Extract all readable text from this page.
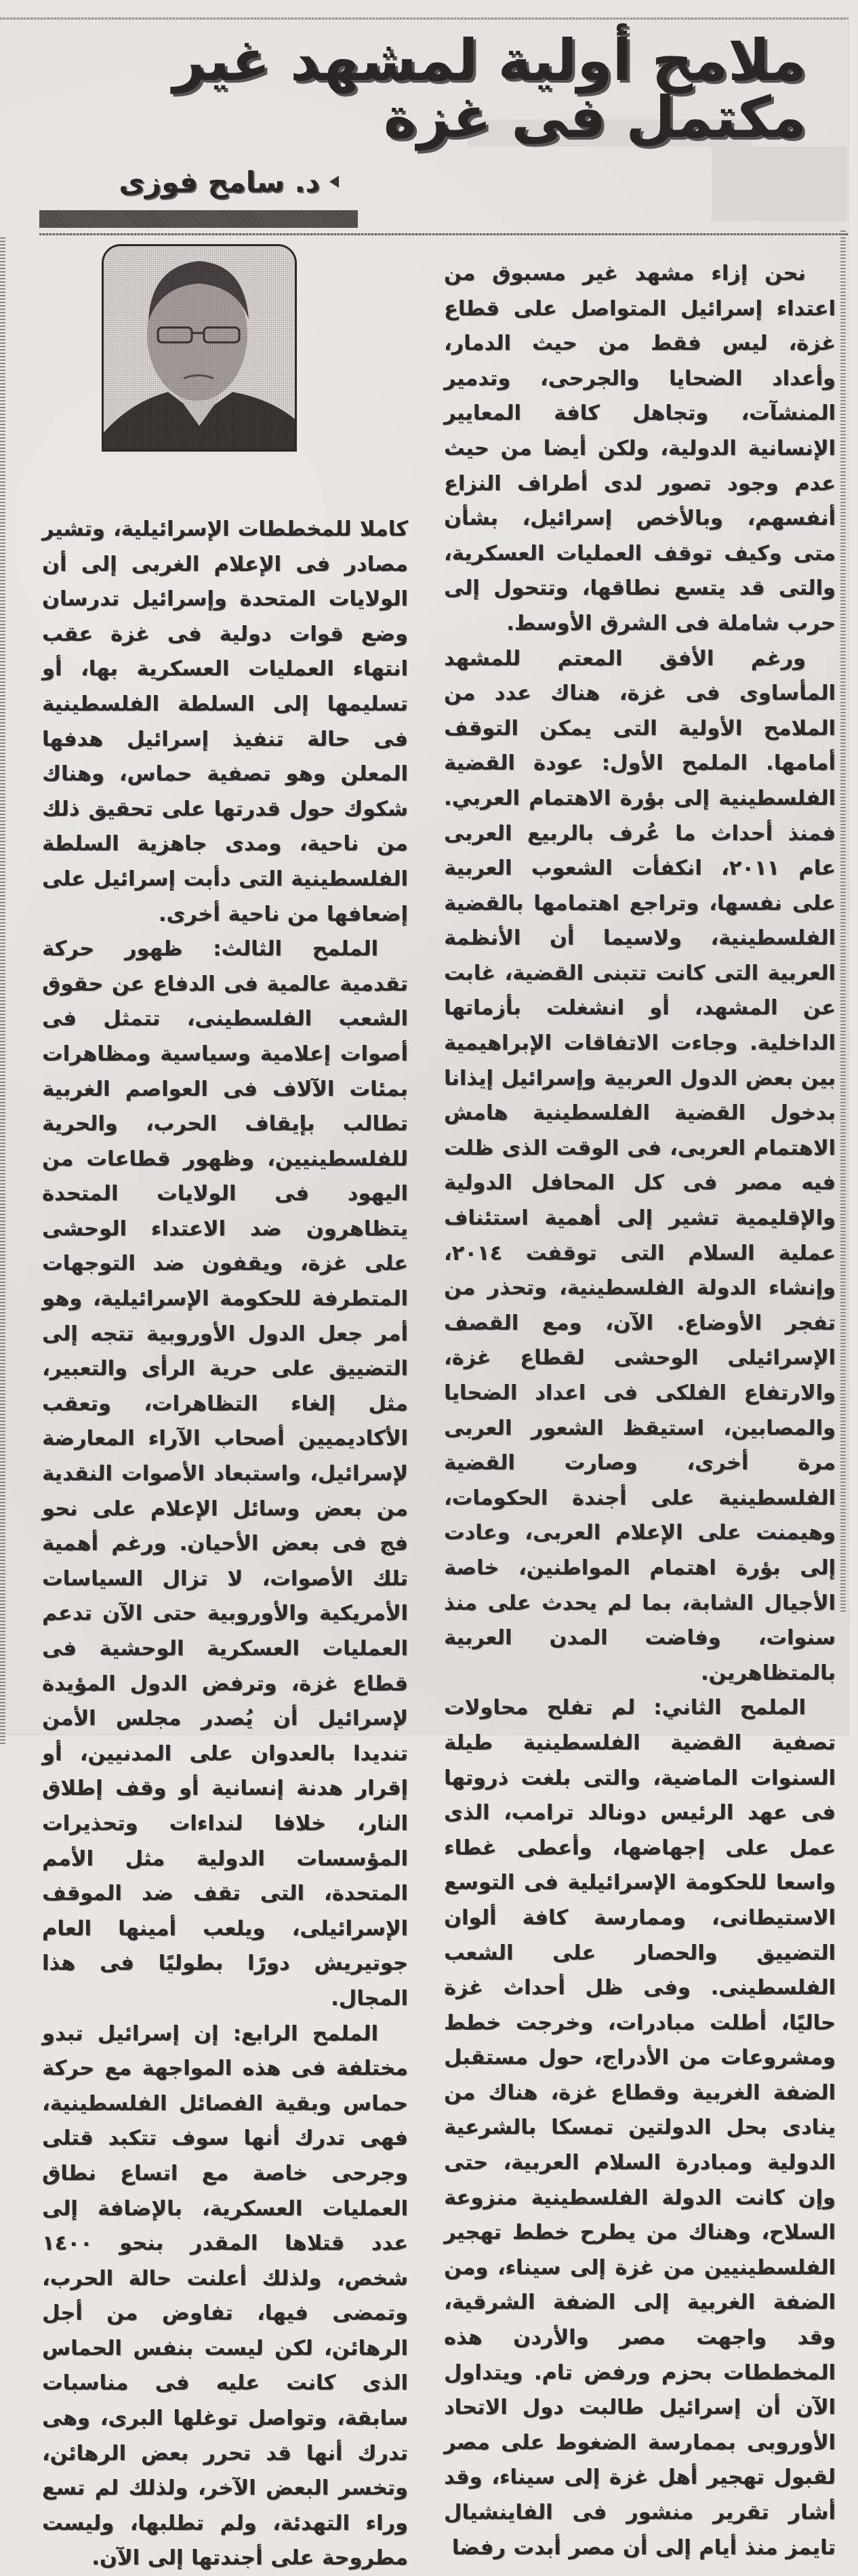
ملامح أولية لمشهد غير مكتمل فى غزة
د. سامح فوزى

نحن إزاء مشهد غير مسبوق من اعتداء إسرائيل المتواصل على قطاع غزة، ليس فقط من حيث الدمار، وأعداد الضحايا والجرحى، وتدمير المنشآت، وتجاهل كافة المعايير الإنسانية الدولية، ولكن أيضا من حيث عدم وجود تصور لدى أطراف النزاع أنفسهم، وبالأخص إسرائيل، بشأن متى وكيف توقف العمليات العسكرية، والتى قد يتسع نطاقها، وتتحول إلى حرب شاملة فى الشرق الأوسط.

ورغم الأفق المعتم للمشهد المأساوى فى غزة، هناك عدد من الملامح الأولية التى يمكن التوقف أمامها. الملمح الأول: عودة القضية الفلسطينية إلى بؤرة الاهتمام العربي. فمنذ أحداث ما عُرف بالربيع العربى عام ٢٠١١، انكفأت الشعوب العربية على نفسها، وتراجع اهتمامها بالقضية الفلسطينية، ولاسيما أن الأنظمة العربية التى كانت تتبنى القضية، غابت عن المشهد، أو انشغلت بأزماتها الداخلية. وجاءت الاتفاقات الإبراهيمية بين بعض الدول العربية وإسرائيل إيذانا بدخول القضية الفلسطينية هامش الاهتمام العربى، فى الوقت الذى ظلت فيه مصر فى كل المحافل الدولية والإقليمية تشير إلى أهمية استئناف عملية السلام التى توقفت ٢٠١٤، وإنشاء الدولة الفلسطينية، وتحذر من تفجر الأوضاع. الآن، ومع القصف الإسرائيلى الوحشى لقطاع غزة، والارتفاع الفلكى فى اعداد الضحايا والمصابين، استيقظ الشعور العربى مرة أخرى، وصارت القضية الفلسطينية على أجندة الحكومات، وهيمنت على الإعلام العربى، وعادت إلى بؤرة اهتمام المواطنين، خاصة الأجيال الشابة، بما لم يحدث على منذ سنوات، وفاضت المدن العربية بالمتظاهرين.

الملمح الثاني: لم تفلح محاولات تصفية القضية الفلسطينية طيلة السنوات الماضية، والتى بلغت ذروتها فى عهد الرئيس دونالد ترامب، الذى عمل على إجهاضها، وأعطى غطاء واسعا للحكومة الإسرائيلية فى التوسع الاستيطانى، وممارسة كافة ألوان التضييق والحصار على الشعب الفلسطينى. وفى ظل أحداث غزة حاليًا، أطلت مبادرات، وخرجت خطط ومشروعات من الأدراج، حول مستقبل الضفة الغربية وقطاع غزة، هناك من ينادى بحل الدولتين تمسكا بالشرعية الدولية ومبادرة السلام العربية، حتى وإن كانت الدولة الفلسطينية منزوعة السلاح، وهناك من يطرح خطط تهجير الفلسطينيين من غزة إلى سيناء، ومن الضفة الغربية إلى الضفة الشرقية، وقد واجهت مصر والأردن هذه المخططات بحزم ورفض تام. ويتداول الآن أن إسرائيل طالبت دول الاتحاد الأوروبى بممارسة الضغوط على مصر لقبول تهجير أهل غزة إلى سيناء، وقد أشار تقرير منشور فى الفاينشيال تايمز منذ أيام إلى أن مصر أبدت رفضا

كاملا للمخططات الإسرائيلية، وتشير مصادر فى الإعلام الغربى إلى أن الولايات المتحدة وإسرائيل تدرسان وضع قوات دولية فى غزة عقب انتهاء العمليات العسكرية بها، أو تسليمها إلى السلطة الفلسطينية فى حالة تنفيذ إسرائيل هدفها المعلن وهو تصفية حماس، وهناك شكوك حول قدرتها على تحقيق ذلك من ناحية، ومدى جاهزية السلطة الفلسطينية التى دأبت إسرائيل على إضعافها من ناحية أخرى.

الملمح الثالث: ظهور حركة تقدمية عالمية فى الدفاع عن حقوق الشعب الفلسطينى، تتمثل فى أصوات إعلامية وسياسية ومظاهرات بمئات الآلاف فى العواصم الغربية تطالب بإيقاف الحرب، والحرية للفلسطينيين، وظهور قطاعات من اليهود فى الولايات المتحدة يتظاهرون ضد الاعتداء الوحشى على غزة، ويقفون ضد التوجهات المتطرفة للحكومة الإسرائيلية، وهو أمر جعل الدول الأوروبية تتجه إلى التضييق على حرية الرأى والتعبير، مثل إلغاء التظاهرات، وتعقب الأكاديميين أصحاب الآراء المعارضة لإسرائيل، واستبعاد الأصوات النقدية من بعض وسائل الإعلام على نحو فج فى بعض الأحيان. ورغم أهمية تلك الأصوات، لا تزال السياسات الأمريكية والأوروبية حتى الآن تدعم العمليات العسكرية الوحشية فى قطاع غزة، وترفض الدول المؤيدة لإسرائيل أن يُصدر مجلس الأمن تنديدا بالعدوان على المدنيين، أو إقرار هدنة إنسانية أو وقف إطلاق النار، خلافا لنداءات وتحذيرات المؤسسات الدولية مثل الأمم المتحدة، التى تقف ضد الموقف الإسرائيلى، ويلعب أمينها العام جوتيريش دورًا بطوليًا فى هذا المجال.

الملمح الرابع: إن إسرائيل تبدو مختلفة فى هذه المواجهة مع حركة حماس وبقية الفصائل الفلسطينية، فهى تدرك أنها سوف تتكبد قتلى وجرحى خاصة مع اتساع نطاق العمليات العسكرية، بالإضافة إلى عدد قتلاها المقدر بنحو ١٤٠٠ شخص، ولذلك أعلنت حالة الحرب، وتمضى فيها، تفاوض من أجل الرهائن، لكن ليست بنفس الحماس الذى كانت عليه فى مناسبات سابقة، وتواصل توغلها البرى، وهى تدرك أنها قد تحرر بعض الرهائن، وتخسر البعض الآخر، ولذلك لم تسع وراء التهدئة، ولم تطلبها، وليست مطروحة على أجندتها إلى الآن.
